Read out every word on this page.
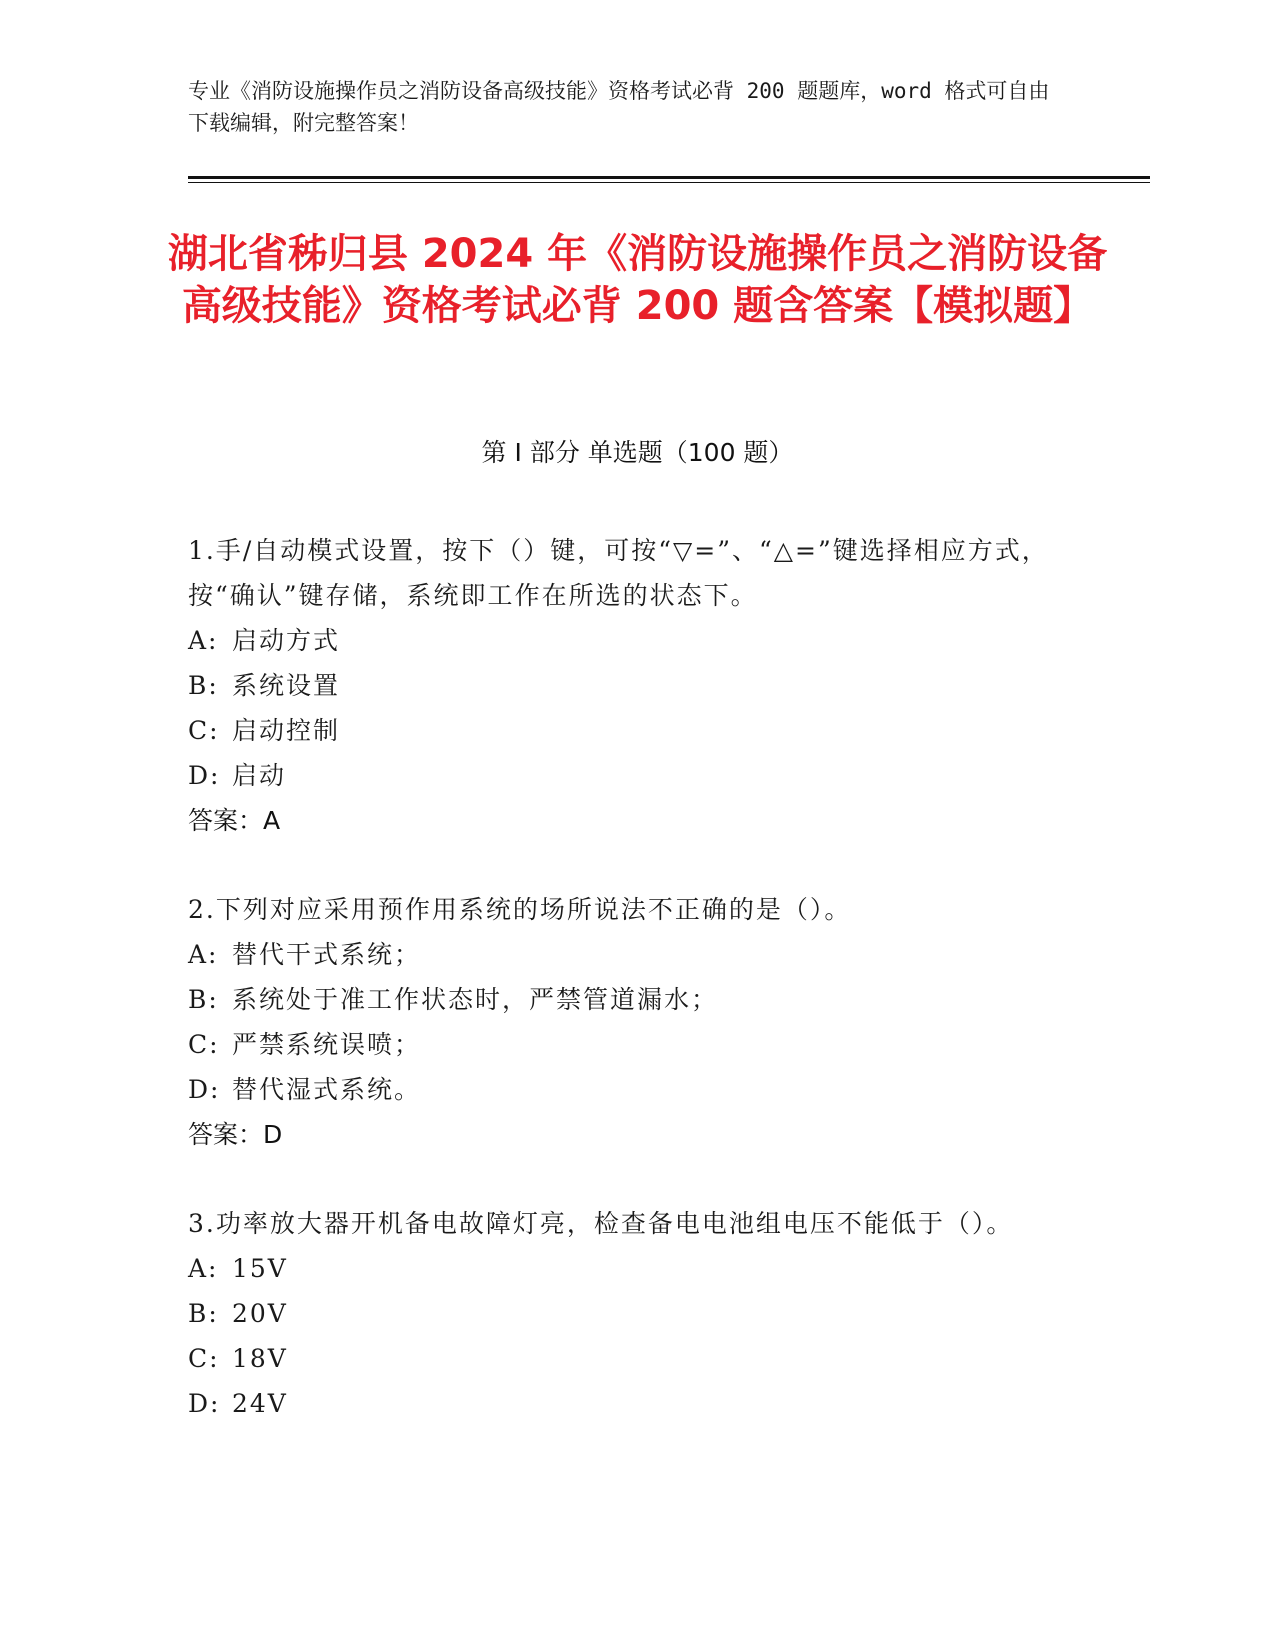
专业《消防设施操作员之消防设备高级技能》资格考试必背 200 题题库，word 格式可自由下载编辑，附完整答案！
湖北省秭归县 2024 年《消防设施操作员之消防设备高级技能》资格考试必背 200 题含答案【模拟题】
第 I 部分 单选题（100 题）
1.手/自动模式设置，按下（）键，可按“▽=”、“△=”键选择相应方式，按“确认”键存储，系统即工作在所选的状态下。
A: 启动方式
B: 系统设置
C: 启动控制
D: 启动
答案：A
2.下列对应采用预作用系统的场所说法不正确的是（）。
A: 替代干式系统；
B: 系统处于准工作状态时，严禁管道漏水；
C: 严禁系统误喷；
D: 替代湿式系统。
答案：D
3.功率放大器开机备电故障灯亮，检查备电电池组电压不能低于（）。
A: 15V
B: 20V
C: 18V
D: 24V
